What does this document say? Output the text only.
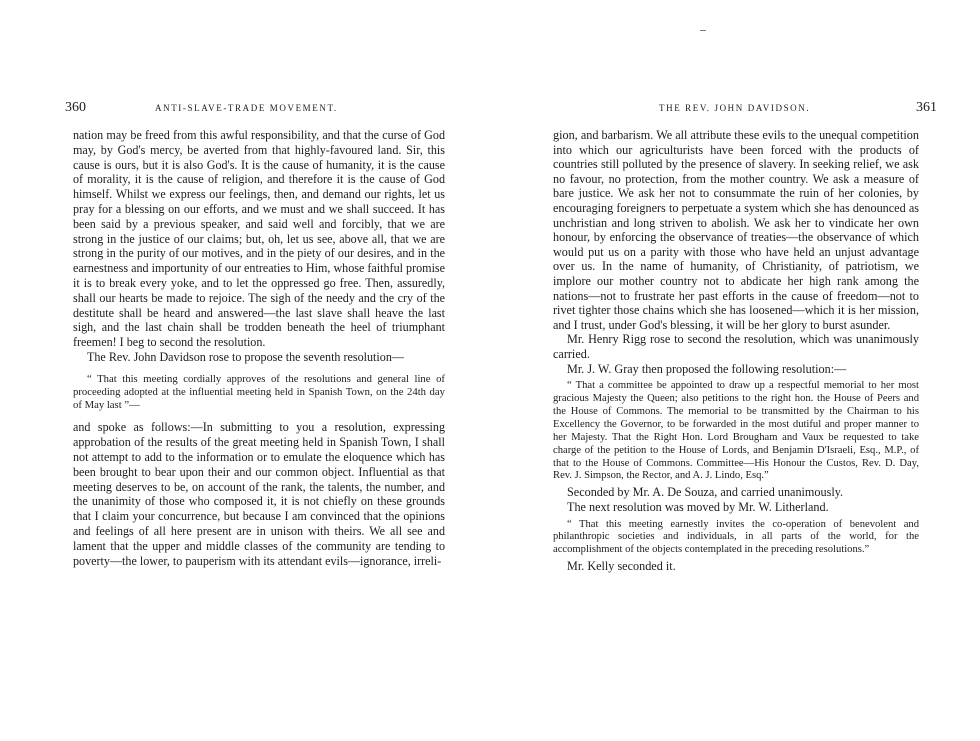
360	ANTI-SLAVE-TRADE MOVEMENT.

nation may be freed from this awful responsibility, and that the curse of God may, by God's mercy, be averted from that highly-favoured land. Sir, this cause is ours, but it is also God's. It is the cause of humanity, it is the cause of morality, it is the cause of religion, and therefore it is the cause of God himself. Whilst we express our feelings, then, and demand our rights, let us pray for a blessing on our efforts, and we must and we shall succeed. It has been said by a previous speaker, and said well and forcibly, that we are strong in the justice of our claims; but, oh, let us see, above all, that we are strong in the purity of our motives, and in the piety of our desires, and in the earnestness and importunity of our entreaties to Him, whose faithful promise it is to break every yoke, and to let the oppressed go free. Then, assuredly, shall our hearts be made to rejoice. The sigh of the needy and the cry of the destitute shall be heard and answered—the last slave shall heave the last sigh, and the last chain shall be trodden beneath the heel of triumphant freemen! I beg to second the resolution.

The Rev. John Davidson rose to propose the seventh resolution—

“ That this meeting cordially approves of the resolutions and general line of proceeding adopted at the influential meeting held in Spanish Town, on the 24th day of May last ”—

and spoke as follows:—In submitting to you a resolution, expressing approbation of the results of the great meeting held in Spanish Town, I shall not attempt to add to the information or to emulate the eloquence which has been brought to bear upon their and our common object. Influential as that meeting deserves to be, on account of the rank, the talents, the number, and the unanimity of those who composed it, it is not chiefly on these grounds that I claim your concurrence, but because I am convinced that the opinions and feelings of all here present are in unison with theirs. We all see and lament that the upper and middle classes of the community are tending to poverty—the lower, to pauperism with its attendant evils—ignorance, irreli-

THE REV. JOHN DAVIDSON.	361

gion, and barbarism. We all attribute these evils to the unequal competition into which our agriculturists have been forced with the products of countries still polluted by the presence of slavery. In seeking relief, we ask no favour, no protection, from the mother country. We ask a measure of bare justice. We ask her not to consummate the ruin of her colonies, by encouraging foreigners to perpetuate a system which she has denounced as unchristian and long striven to abolish. We ask her to vindicate her own honour, by enforcing the observance of treaties—the observance of which would put us on a parity with those who have held an unjust advantage over us. In the name of humanity, of Christianity, of patriotism, we implore our mother country not to abdicate her high rank among the nations—not to frustrate her past efforts in the cause of freedom—not to rivet tighter those chains which she has loosened—which it is her mission, and I trust, under God's blessing, it will be her glory to burst asunder.

Mr. Henry Rigg rose to second the resolution, which was unanimously carried.

Mr. J. W. Gray then proposed the following resolution:—

“ That a committee be appointed to draw up a respectful memorial to her most gracious Majesty the Queen; also petitions to the right hon. the House of Peers and the House of Commons. The memorial to be transmitted by the Chairman to his Excellency the Governor, to be forwarded in the most dutiful and proper manner to her Majesty. That the Right Hon. Lord Brougham and Vaux be requested to take charge of the petition to the House of Lords, and Benjamin D'Israeli, Esq., M.P., of that to the House of Commons. Committee—His Honour the Custos, Rev. D. Day, Rev. J. Simpson, the Rector, and A. J. Lindo, Esq.”

Seconded by Mr. A. De Souza, and carried unanimously.

The next resolution was moved by Mr. W. Litherland.

“ That this meeting earnestly invites the co-operation of benevolent and philanthropic societies and individuals, in all parts of the world, for the accomplishment of the objects contemplated in the preceding resolutions.”

Mr. Kelly seconded it.
